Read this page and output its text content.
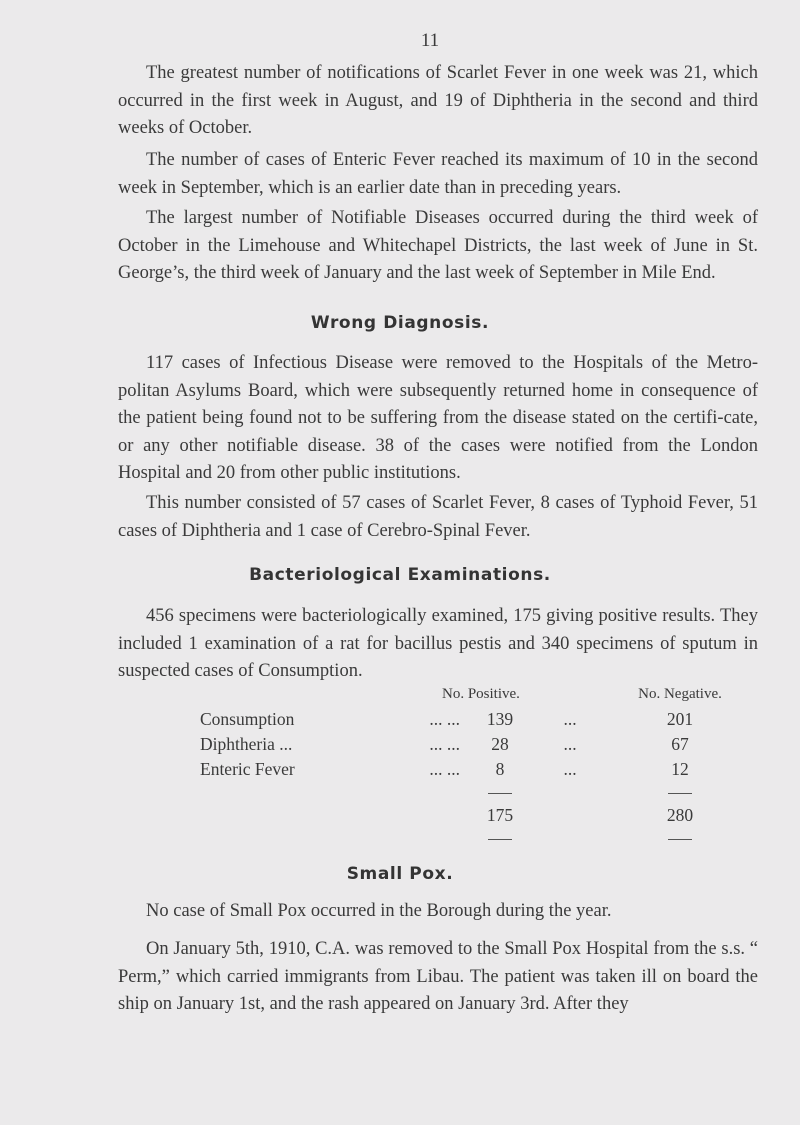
11

The greatest number of notifications of Scarlet Fever in one week was 21, which occurred in the first week in August, and 19 of Diphtheria in the second and third weeks of October.

The number of cases of Enteric Fever reached its maximum of 10 in the second week in September, which is an earlier date than in preceding years.

The largest number of Notifiable Diseases occurred during the third week of October in the Limehouse and Whitechapel Districts, the last week of June in St. George’s, the third week of January and the last week of September in Mile End.

Wrong Diagnosis.

117 cases of Infectious Disease were removed to the Hospitals of the Metro-politan Asylums Board, which were subsequently returned home in consequence of the patient being found not to be suffering from the disease stated on the certifi-cate, or any other notifiable disease. 38 of the cases were notified from the London Hospital and 20 from other public institutions.

This number consisted of 57 cases of Scarlet Fever, 8 cases of Typhoid Fever, 51 cases of Diphtheria and 1 case of Cerebro-Spinal Fever.

Bacteriological Examinations.

456 specimens were bacteriologically examined, 175 giving positive results. They included 1 examination of a rat for bacillus pestis and 340 specimens of sputum in suspected cases of Consumption.

		No. Positive.		No. Negative.
Consumption	... ...	139	...	201
Diphtheria ...	... ...	28	...	67
Enteric Fever	... ...	8	...	12

		175		280

Small Pox.

No case of Small Pox occurred in the Borough during the year.

On January 5th, 1910, C.A. was removed to the Small Pox Hospital from the s.s. “ Perm,” which carried immigrants from Libau. The patient was taken ill on board the ship on January 1st, and the rash appeared on January 3rd. After they
